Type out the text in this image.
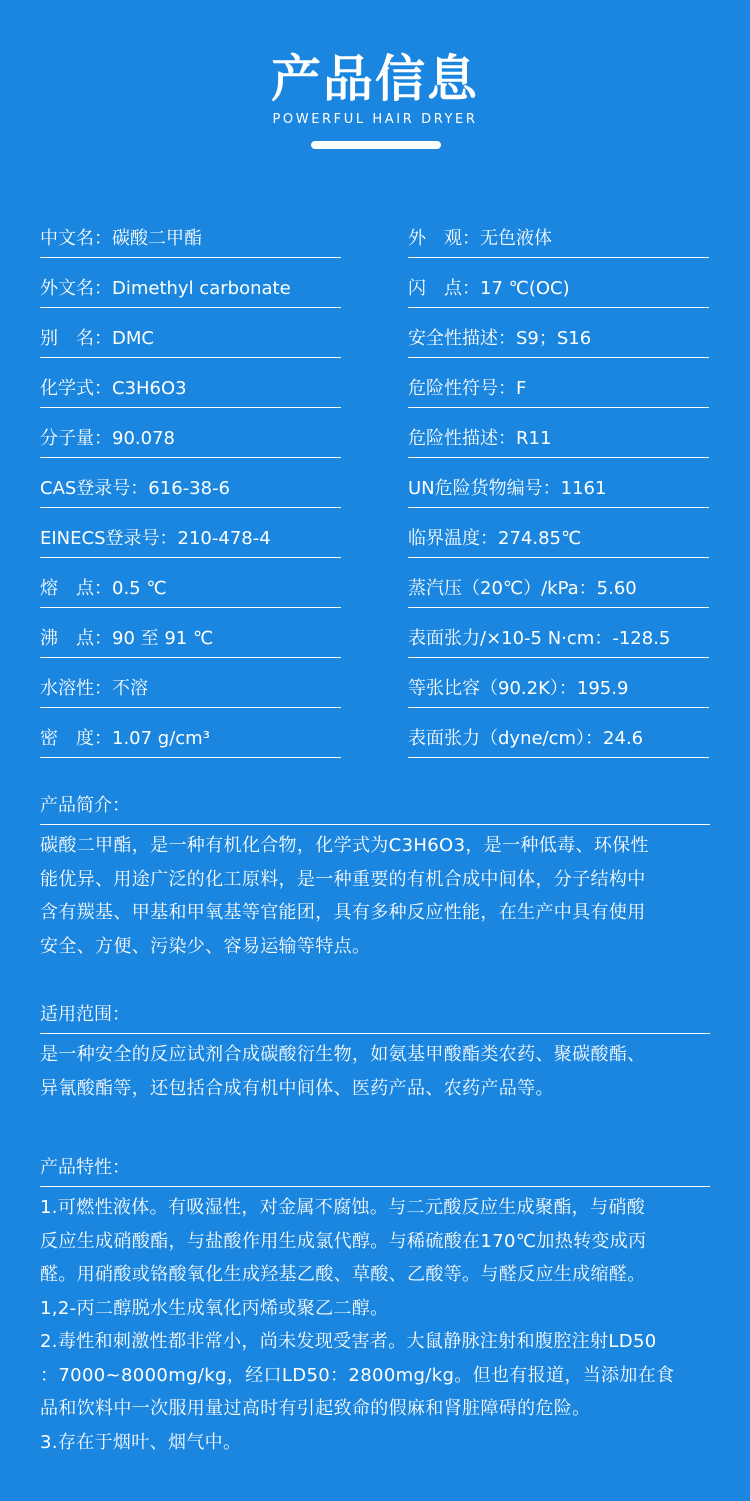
产品信息
POWERFUL HAIR DRYER
中文名：碳酸二甲酯
外文名：Dimethyl carbonate
别　名：DMC
化学式：C3H6O3
分子量：90.078
CAS登录号：616-38-6
EINECS登录号：210-478-4
熔　点：0.5 ℃
沸　点：90 至 91 ℃
水溶性：不溶
密　度：1.07 g/cm³
外　观：无色液体
闪　点：17 ℃(OC)
安全性描述：S9；S16
危险性符号：F
危险性描述：R11
UN危险货物编号：1161
临界温度：274.85℃
蒸汽压（20℃）/kPa：5.60
表面张力/×10-5 N·cm：-128.5
等张比容（90.2K）：195.9
表面张力（dyne/cm）：24.6
产品简介：

碳酸二甲酯，是一种有机化合物，化学式为C3H6O3，是一种低毒、环保性

能优异、用途广泛的化工原料，是一种重要的有机合成中间体，分子结构中

含有羰基、甲基和甲氧基等官能团，具有多种反应性能，在生产中具有使用

安全、方便、污染少、容易运输等特点。

适用范围：

是一种安全的反应试剂合成碳酸衍生物，如氨基甲酸酯类农药、聚碳酸酯、

异氰酸酯等，还包括合成有机中间体、医药产品、农药产品等。

产品特性：

1.可燃性液体。有吸湿性，对金属不腐蚀。与二元酸反应生成聚酯，与硝酸

反应生成硝酸酯，与盐酸作用生成氯代醇。与稀硫酸在170℃加热转变成丙

醛。用硝酸或铬酸氧化生成羟基乙酸、草酸、乙酸等。与醛反应生成缩醛。

1,2-丙二醇脱水生成氧化丙烯或聚乙二醇。

2.毒性和刺激性都非常小，尚未发现受害者。大鼠静脉注射和腹腔注射LD50

：7000~8000mg/kg，经口LD50：2800mg/kg。但也有报道，当添加在食

品和饮料中一次服用量过高时有引起致命的假麻和肾脏障碍的危险。

3.存在于烟叶、烟气中。
